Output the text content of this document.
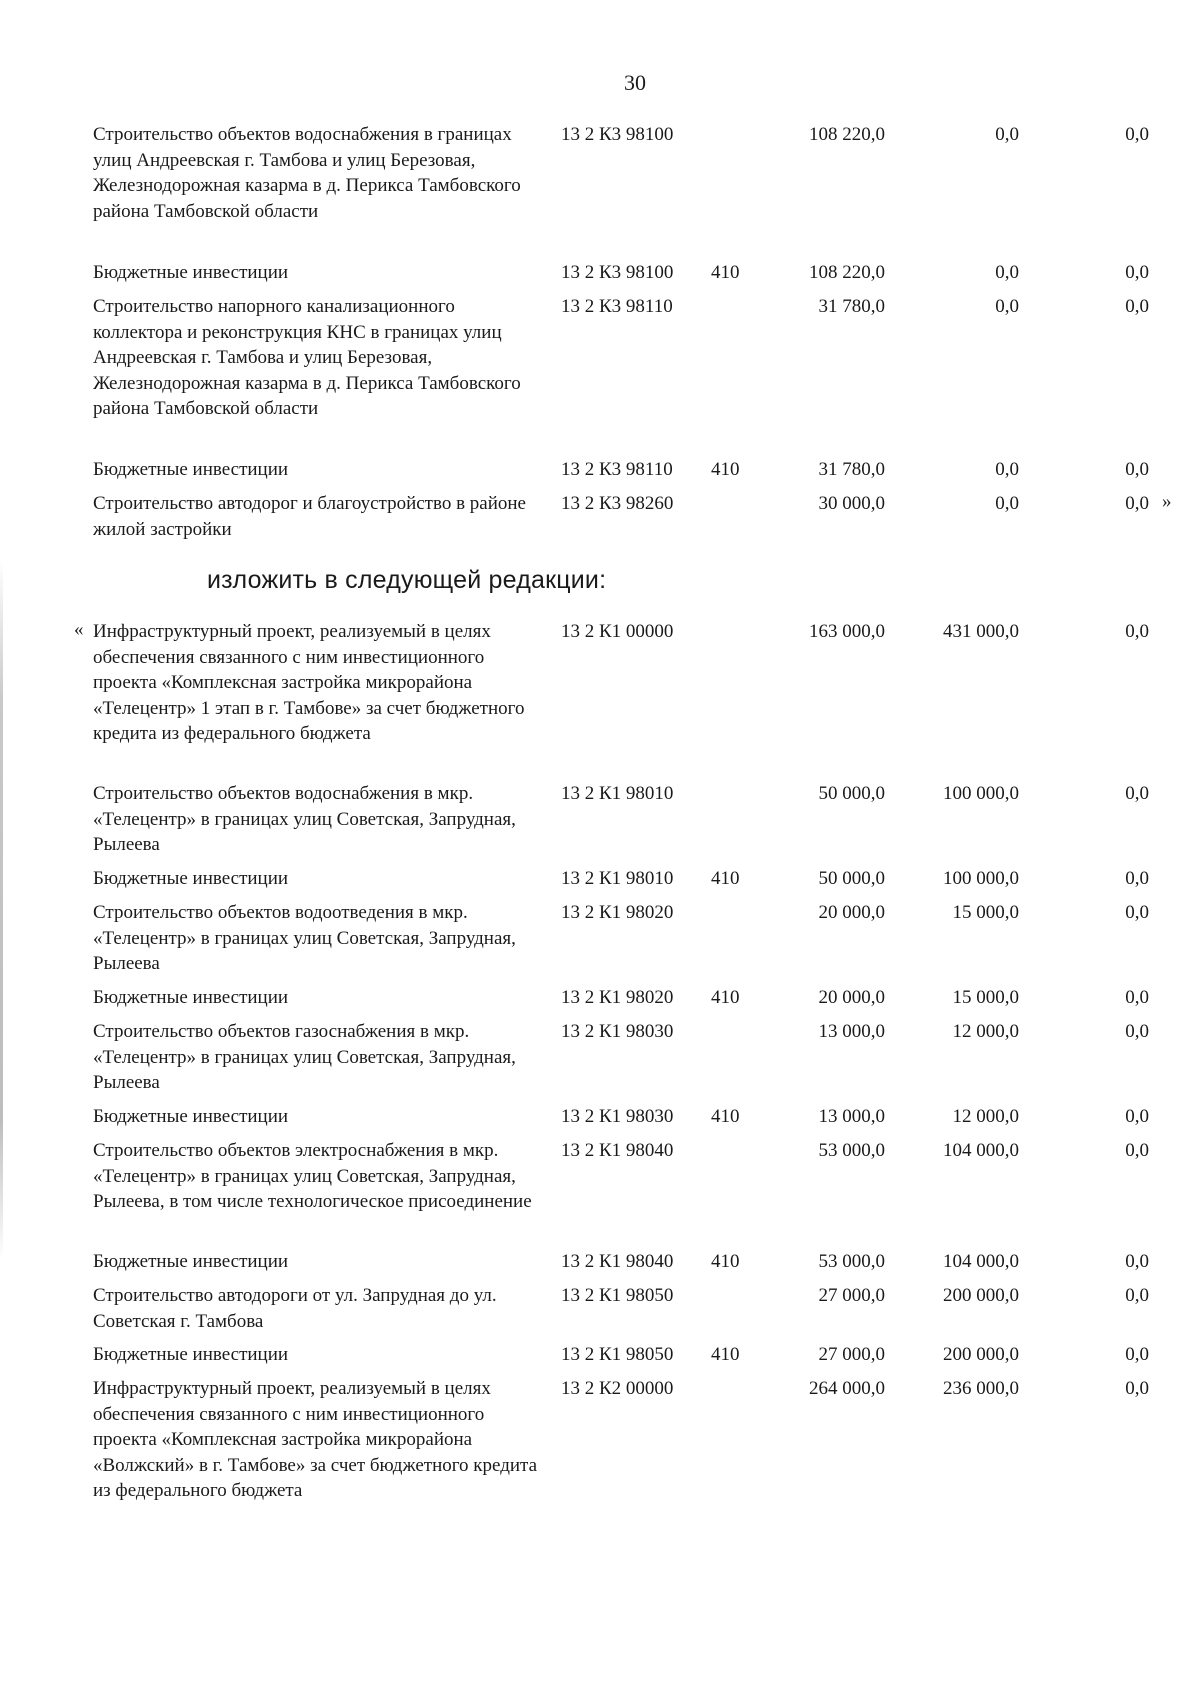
30
Строительство объектов водоснабжения в границах улиц Андреевская г. Тамбова и улиц Березовая, Железнодорожная казарма в д. Перикса Тамбовского района Тамбовской области
13 2 К3 98100	108 220,0	0,0	0,0
Бюджетные инвестиции	13 2 К3 98100 410	108 220,0	0,0	0,0
Строительство напорного канализационного коллектора и реконструкция КНС в границах улиц Андреевская г. Тамбова и улиц Березовая, Железнодорожная казарма в д. Перикса Тамбовского района Тамбовской области
13 2 К3 98110	31 780,0	0,0	0,0
Бюджетные инвестиции	13 2 К3 98110 410	31 780,0	0,0	0,0
Строительство автодорог и благоустройство в районе жилой застройки
13 2 К3 98260	30 000,0	0,0	0,0 »
изложить в следующей редакции:
« Инфраструктурный проект, реализуемый в целях обеспечения связанного с ним инвестиционного проекта «Комплексная застройка микрорайона «Телецентр» 1 этап в г. Тамбове» за счет бюджетного кредита из федерального бюджета
13 2 К1 00000	163 000,0	431 000,0	0,0
Строительство объектов водоснабжения в мкр. «Телецентр» в границах улиц Советская, Запрудная, Рылеева
13 2 К1 98010	50 000,0	100 000,0	0,0
Бюджетные инвестиции	13 2 К1 98010 410	50 000,0	100 000,0	0,0
Строительство объектов водоотведения в мкр. «Телецентр» в границах улиц Советская, Запрудная, Рылеева
13 2 К1 98020	20 000,0	15 000,0	0,0
Бюджетные инвестиции	13 2 К1 98020 410	20 000,0	15 000,0	0,0
Строительство объектов газоснабжения в мкр. «Телецентр» в границах улиц Советская, Запрудная, Рылеева
13 2 К1 98030	13 000,0	12 000,0	0,0
Бюджетные инвестиции	13 2 К1 98030 410	13 000,0	12 000,0	0,0
Строительство объектов электроснабжения в мкр. «Телецентр» в границах улиц Советская, Запрудная, Рылеева, в том числе технологическое присоединение
13 2 К1 98040	53 000,0	104 000,0	0,0
Бюджетные инвестиции	13 2 К1 98040 410	53 000,0	104 000,0	0,0
Строительство автодороги от ул. Запрудная до ул. Советская г. Тамбова
13 2 К1 98050	27 000,0	200 000,0	0,0
Бюджетные инвестиции	13 2 К1 98050 410	27 000,0	200 000,0	0,0
Инфраструктурный проект, реализуемый в целях обеспечения связанного с ним инвестиционного проекта «Комплексная застройка микрорайона «Волжский» в г. Тамбове» за счет бюджетного кредита из федерального бюджета
13 2 К2 00000	264 000,0	236 000,0	0,0
